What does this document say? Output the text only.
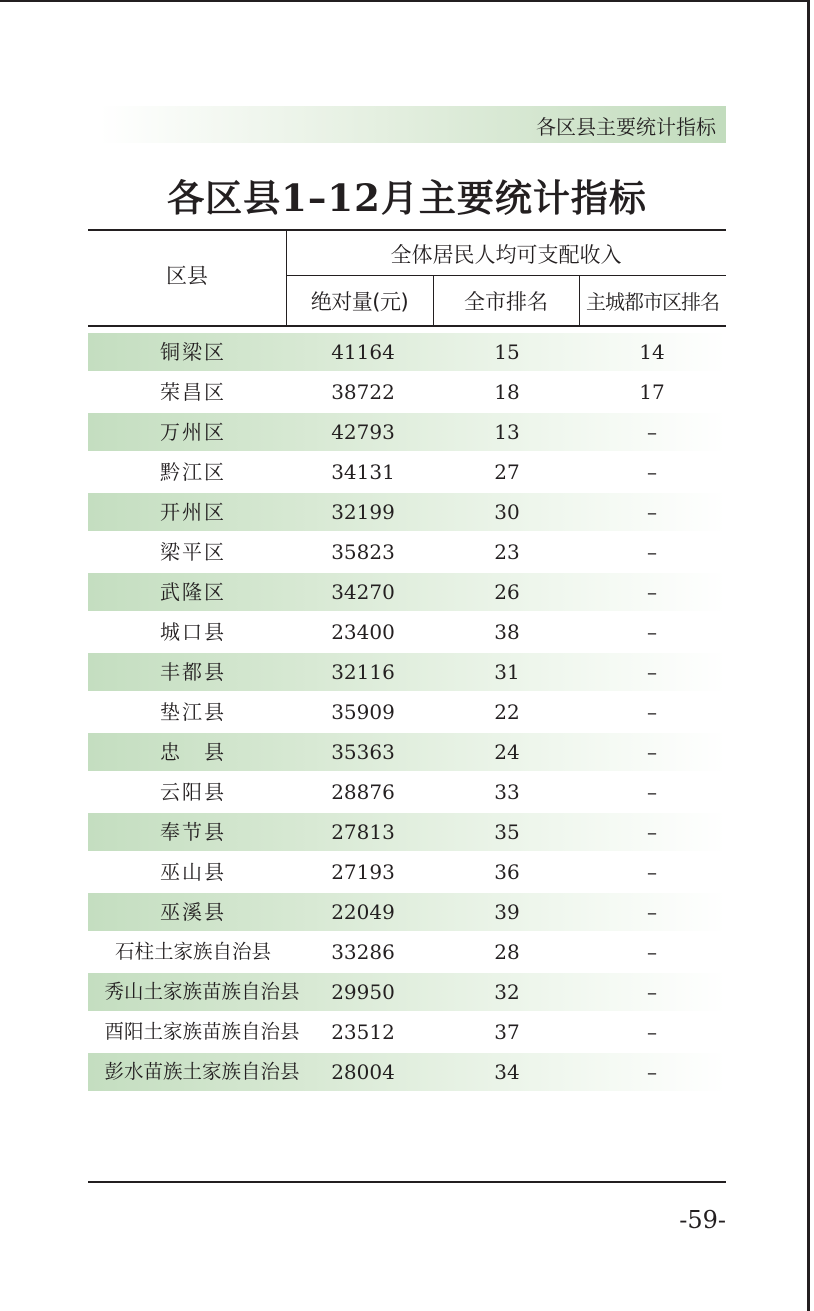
各区县主要统计指标
各区县1–12月主要统计指标
区县
全体居民人均可支配收入
绝对量(元)	全市排名	主城都市区排名
铜梁区	41164	15	14
荣昌区	38722	18	17
万州区	42793	13	–
黔江区	34131	27	–
开州区	32199	30	–
梁平区	35823	23	–
武隆区	34270	26	–
城口县	23400	38	–
丰都县	32116	31	–
垫江县	35909	22	–
忠　县	35363	24	–
云阳县	28876	33	–
奉节县	27813	35	–
巫山县	27193	36	–
巫溪县	22049	39	–
石柱土家族自治县	33286	28	–
秀山土家族苗族自治县	29950	32	–
酉阳土家族苗族自治县	23512	37	–
彭水苗族土家族自治县	28004	34	–
-59-
